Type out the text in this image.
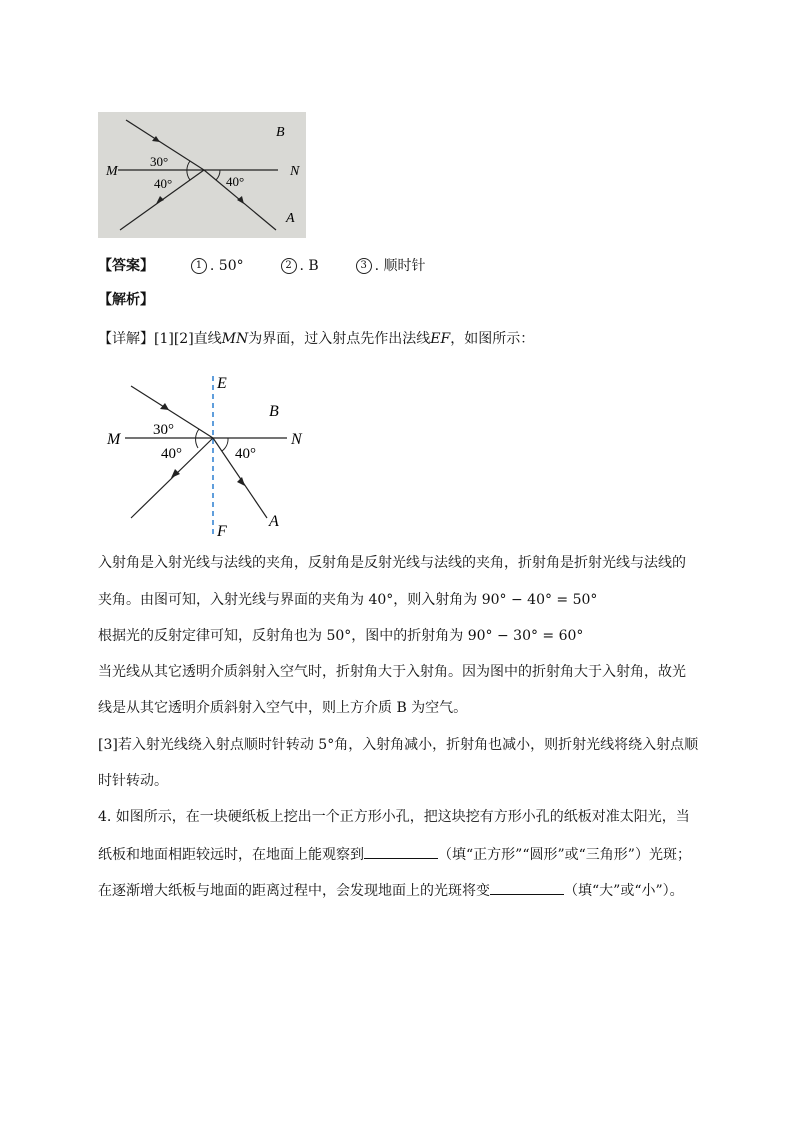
B
M	N
A
30°
40°	40°
【答案】	1 . 50°	2 . B	3 . 顺时针
【解析】
【详解】[1][2]直线MN为界面，过入射点先作出法线EF，如图所示：
E
F
B
M	N
A
30°
40°	40°
入射角是入射光线与法线的夹角，反射角是反射光线与法线的夹角，折射角是折射光线与法线的
夹角。由图可知，入射光线与界面的夹角为 40°，则入射角为 90° − 40° = 50°
根据光的反射定律可知，反射角也为 50°，图中的折射角为 90° − 30° = 60°
当光线从其它透明介质斜射入空气时，折射角大于入射角。因为图中的折射角大于入射角，故光
线是从其它透明介质斜射入空气中，则上方介质 B 为空气。
[3]若入射光线绕入射点顺时针转动 5°角，入射角减小，折射角也减小，则折射光线将绕入射点顺
时针转动。
4. 如图所示，在一块硬纸板上挖出一个正方形小孔，把这块挖有方形小孔的纸板对准太阳光，当
纸板和地面相距较远时，在地面上能观察到	（填“正方形”“圆形”或“三角形”）光斑；
在逐渐增大纸板与地面的距离过程中，会发现地面上的光斑将变	（填“大”或“小”）。
